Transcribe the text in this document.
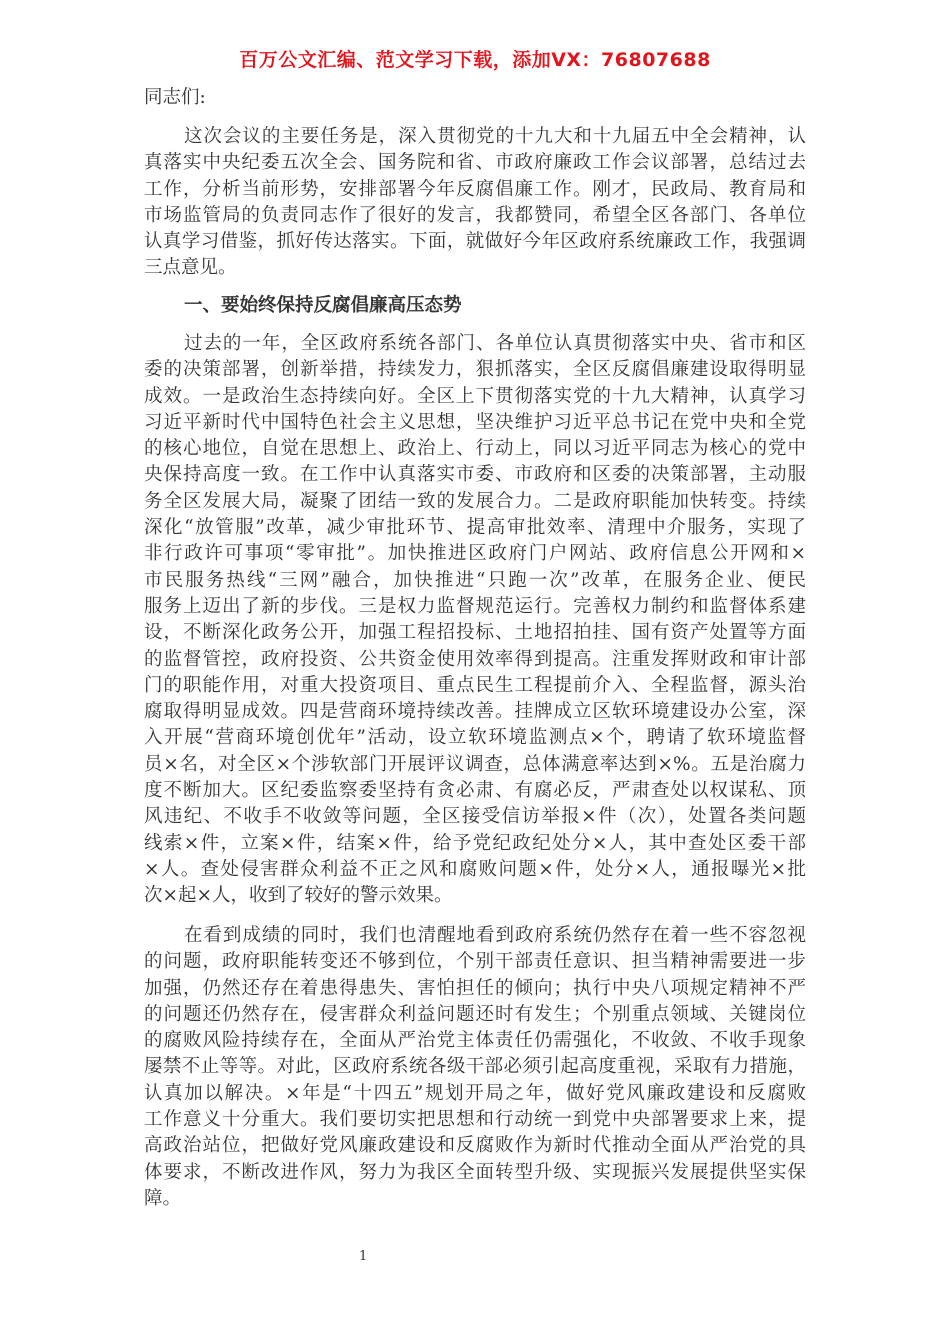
百万公文汇编、范文学习下载，添加VX：76807688
同志们:
这次会议的主要任务是，深入贯彻党的十九大和十九届五中全会精神，认
真落实中央纪委五次全会、国务院和省、市政府廉政工作会议部署，总结过去
工作，分析当前形势，安排部署今年反腐倡廉工作。刚才，民政局、教育局和
市场监管局的负责同志作了很好的发言，我都赞同，希望全区各部门、各单位
认真学习借鉴，抓好传达落实。下面，就做好今年区政府系统廉政工作，我强调
三点意见。
一、要始终保持反腐倡廉高压态势
过去的一年，全区政府系统各部门、各单位认真贯彻落实中央、省市和区
委的决策部署，创新举措，持续发力，狠抓落实，全区反腐倡廉建设取得明显
成效。一是政治生态持续向好。全区上下贯彻落实党的十九大精神，认真学习
习近平新时代中国特色社会主义思想，坚决维护习近平总书记在党中央和全党
的核心地位，自觉在思想上、政治上、行动上，同以习近平同志为核心的党中
央保持高度一致。在工作中认真落实市委、市政府和区委的决策部署，主动服
务全区发展大局，凝聚了团结一致的发展合力。二是政府职能加快转变。持续
深化“放管服”改革，减少审批环节、提高审批效率、清理中介服务，实现了
非行政许可事项“零审批”。加快推进区政府门户网站、政府信息公开网和×
市民服务热线“三网”融合，加快推进“只跑一次”改革，在服务企业、便民
服务上迈出了新的步伐。三是权力监督规范运行。完善权力制约和监督体系建
设，不断深化政务公开，加强工程招投标、土地招拍挂、国有资产处置等方面
的监督管控，政府投资、公共资金使用效率得到提高。注重发挥财政和审计部
门的职能作用，对重大投资项目、重点民生工程提前介入、全程监督，源头治
腐取得明显成效。四是营商环境持续改善。挂牌成立区软环境建设办公室，深
入开展“营商环境创优年”活动，设立软环境监测点×个，聘请了软环境监督
员×名，对全区×个涉软部门开展评议调查，总体满意率达到×%。五是治腐力
度不断加大。区纪委监察委坚持有贪必肃、有腐必反，严肃查处以权谋私、顶
风违纪、不收手不收敛等问题，全区接受信访举报×件（次），处置各类问题
线索×件，立案×件，结案×件，给予党纪政纪处分×人，其中查处区委干部
×人。查处侵害群众利益不正之风和腐败问题×件，处分×人，通报曝光×批
次×起×人，收到了较好的警示效果。
在看到成绩的同时，我们也清醒地看到政府系统仍然存在着一些不容忽视
的问题，政府职能转变还不够到位，个别干部责任意识、担当精神需要进一步
加强，仍然还存在着患得患失、害怕担任的倾向；执行中央八项规定精神不严
的问题还仍然存在，侵害群众利益问题还时有发生；个别重点领域、关键岗位
的腐败风险持续存在，全面从严治党主体责任仍需强化，不收敛、不收手现象
屡禁不止等等。对此，区政府系统各级干部必须引起高度重视，采取有力措施，
认真加以解决。×年是“十四五”规划开局之年，做好党风廉政建设和反腐败
工作意义十分重大。我们要切实把思想和行动统一到党中央部署要求上来，提
高政治站位，把做好党风廉政建设和反腐败作为新时代推动全面从严治党的具
体要求，不断改进作风，努力为我区全面转型升级、实现振兴发展提供坚实保
障。
1
